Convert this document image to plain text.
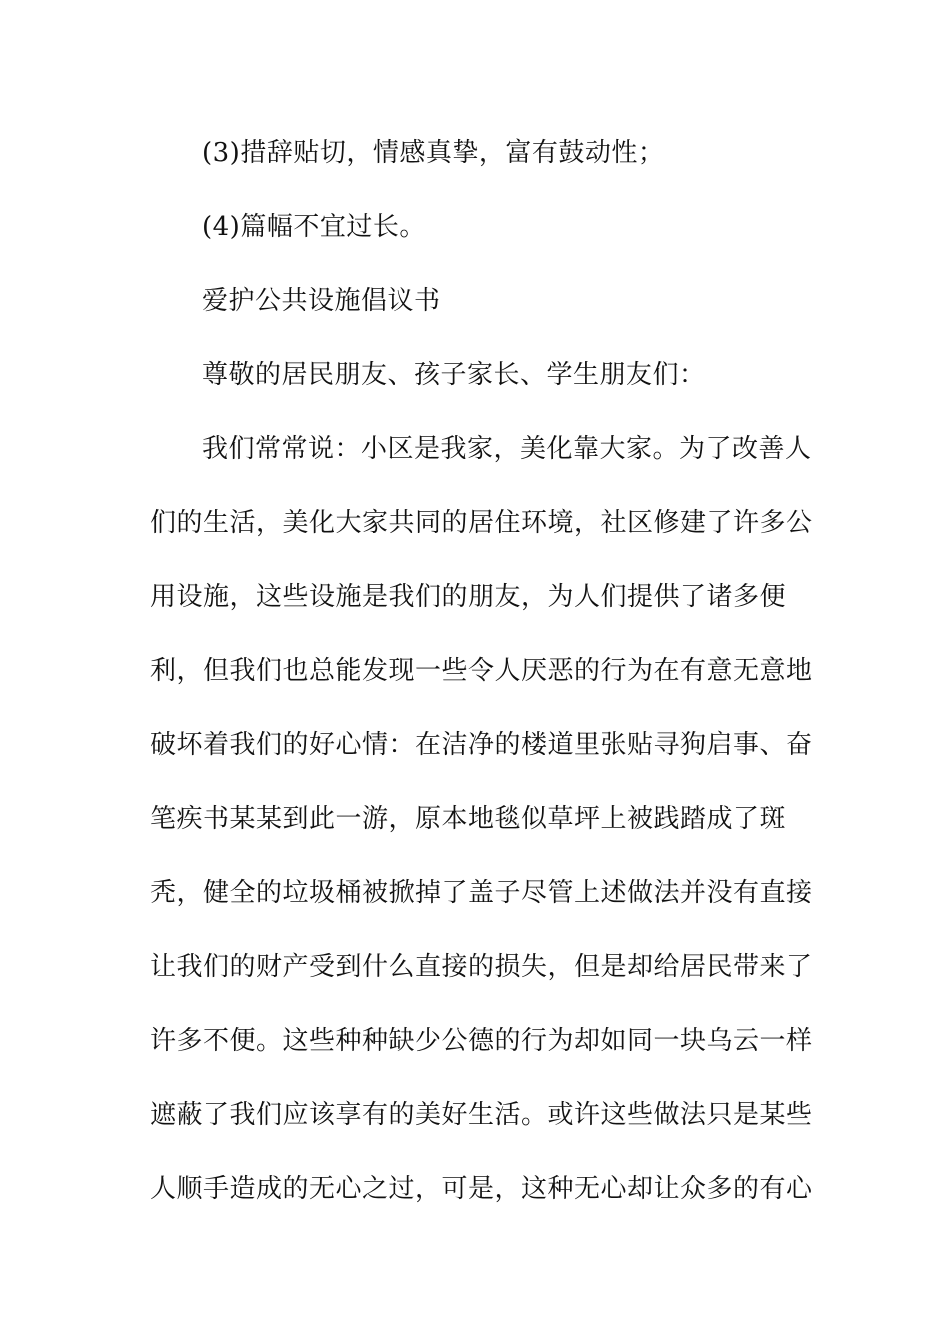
(3)措辞贴切，情感真挚，富有鼓动性；
(4)篇幅不宜过长。
爱护公共设施倡议书
尊敬的居民朋友、孩子家长、学生朋友们：
我们常常说：小区是我家，美化靠大家。为了改善人
们的生活，美化大家共同的居住环境，社区修建了许多公
用设施，这些设施是我们的朋友，为人们提供了诸多便
利，但我们也总能发现一些令人厌恶的行为在有意无意地
破坏着我们的好心情：在洁净的楼道里张贴寻狗启事、奋
笔疾书某某到此一游，原本地毯似草坪上被践踏成了斑
秃，健全的垃圾桶被掀掉了盖子尽管上述做法并没有直接
让我们的财产受到什么直接的损失，但是却给居民带来了
许多不便。这些种种缺少公德的行为却如同一块乌云一样
遮蔽了我们应该享有的美好生活。或许这些做法只是某些
人顺手造成的无心之过，可是，这种无心却让众多的有心
